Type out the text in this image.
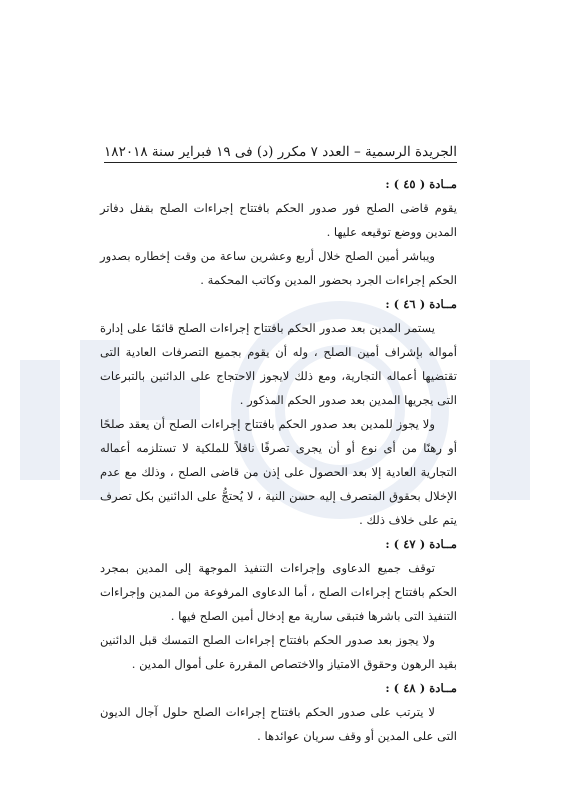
الجريدة الرسمية – العدد ٧ مكرر (د) فى ١٩ فبراير سنة ٢٠١٨
١٨

مــادة ( ٤٥ ) :

يقوم قاضى الصلح فور صدور الحكم بافتتاح إجراءات الصلح بقفل دفاتر المدين ووضع توقيعه عليها .

ويباشر أمين الصلح خلال أربع وعشرين ساعة من وقت إخطاره بصدور الحكم إجراءات الجرد بحضور المدين وكاتب المحكمة .

مــادة ( ٤٦ ) :

يستمر المدين بعد صدور الحكم بافتتاح إجراءات الصلح قائمًا على إدارة أمواله بإشراف أمين الصلح ، وله أن يقوم بجميع التصرفات العادية التى تقتضيها أعماله التجارية، ومع ذلك لايجوز الاحتجاج على الدائنين بالتبرعات التى يجريها المدين بعد صدور الحكم المذكور .

ولا يجوز للمدين بعد صدور الحكم بافتتاح إجراءات الصلح أن يعقد صلحًا أو رهنًا من أى نوع أو أن يجرى تصرفًا ناقلاً للملكية لا تستلزمه أعماله التجارية العادية إلا بعد الحصول على إذن من قاضى الصلح ، وذلك مع عدم الإخلال بحقوق المتصرف إليه حسن النية ، لا يُحتجُّ على الدائنين بكل تصرف يتم على خلاف ذلك .

مــادة ( ٤٧ ) :

توقف جميع الدعاوى وإجراءات التنفيذ الموجهة إلى المدين بمجرد الحكم بافتتاح إجراءات الصلح ، أما الدعاوى المرفوعة من المدين وإجراءات التنفيذ التى باشرها فتبقى سارية مع إدخال أمين الصلح فيها .

ولا يجوز بعد صدور الحكم بافتتاح إجراءات الصلح التمسك قبل الدائنين بقيد الرهون وحقوق الامتياز والاختصاص المقررة على أموال المدين .

مــادة ( ٤٨ ) :

لا يترتب على صدور الحكم بافتتاح إجراءات الصلح حلول آجال الديون التى على المدين أو وقف سريان عوائدها .
